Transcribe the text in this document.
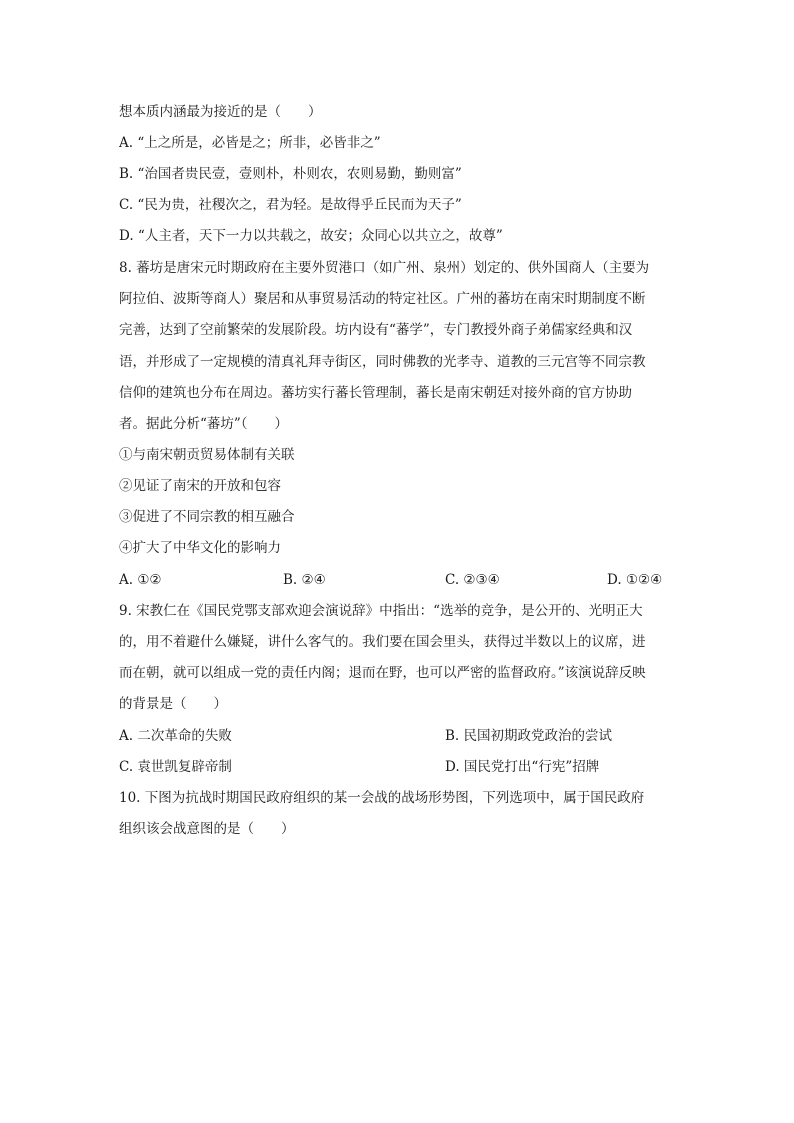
想本质内涵最为接近的是（　　）
A. “上之所是，必皆是之；所非，必皆非之”
B. “治国者贵民壹，壹则朴，朴则农，农则易勤，勤则富”
C. “民为贵，社稷次之，君为轻。是故得乎丘民而为天子”
D. “人主者，天下一力以共载之，故安；众同心以共立之，故尊”
8. 蕃坊是唐宋元时期政府在主要外贸港口（如广州、泉州）划定的、供外国商人（主要为
阿拉伯、波斯等商人）聚居和从事贸易活动的特定社区。广州的蕃坊在南宋时期制度不断
完善，达到了空前繁荣的发展阶段。坊内设有“蕃学”，专门教授外商子弟儒家经典和汉
语，并形成了一定规模的清真礼拜寺街区，同时佛教的光孝寺、道教的三元宫等不同宗教
信仰的建筑也分布在周边。蕃坊实行蕃长管理制，蕃长是南宋朝廷对接外商的官方协助
者。据此分析“蕃坊”（　　）
①与南宋朝贡贸易体制有关联
②见证了南宋的开放和包容
③促进了不同宗教的相互融合
④扩大了中华文化的影响力
A. ①②	B. ②④	C. ②③④	D. ①②④
9. 宋教仁在《国民党鄂支部欢迎会演说辞》中指出：“选举的竞争，是公开的、光明正大
的，用不着避什么嫌疑，讲什么客气的。我们要在国会里头，获得过半数以上的议席，进
而在朝，就可以组成一党的责任内阁；退而在野，也可以严密的监督政府。”该演说辞反映
的背景是（　　）
A. 二次革命的失败	B. 民国初期政党政治的尝试
C. 袁世凯复辟帝制	D. 国民党打出“行宪”招牌
10. 下图为抗战时期国民政府组织的某一会战的战场形势图，下列选项中，属于国民政府
组织该会战意图的是（　　）
